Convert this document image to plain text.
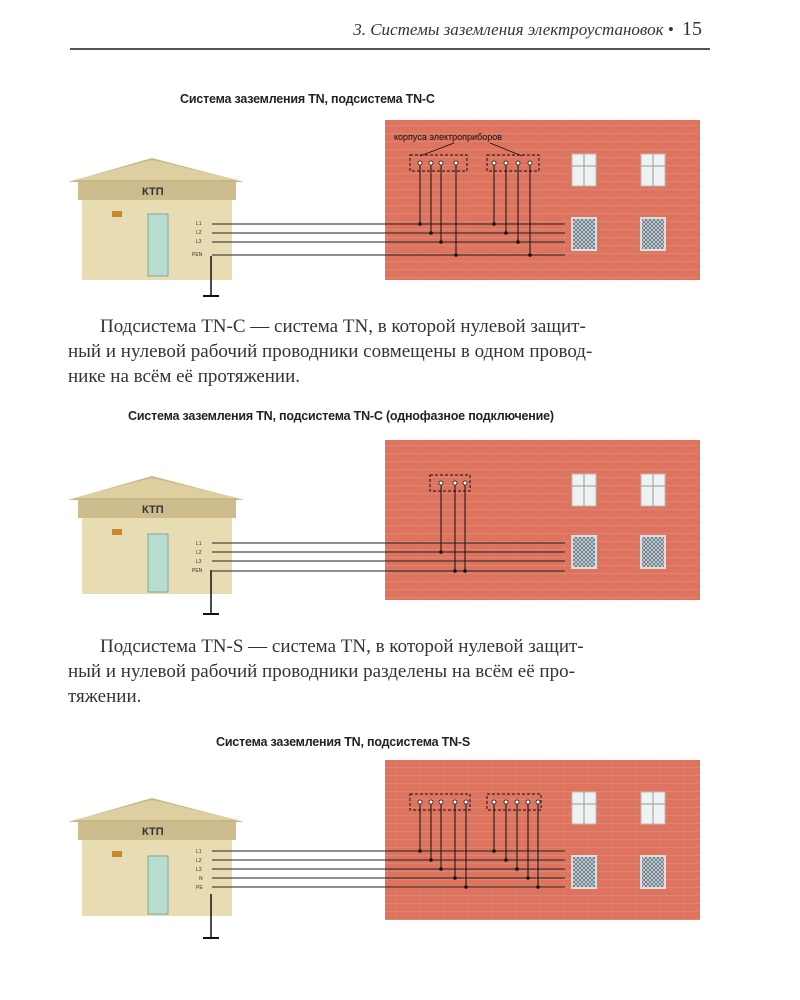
3. Системы заземления электроустановок • 15
Система заземления TN, подсистема TN-C
КТП
L1
L2
L3
PEN
корпуса электроприборов
Подсистема TN-C — система TN, в которой нулевой защит-
ный и нулевой рабочий проводники совмещены в одном провод-
нике на всём её протяжении.
Система заземления TN, подсистема TN-C (однофазное подключение)
КТП
L1
L2
L3
PEN
Подсистема TN-S — система TN, в которой нулевой защит-
ный и нулевой рабочий проводники разделены на всём её про-
тяжении.
Система заземления TN, подсистема TN-S
КТП
L1
L2
L3
N
PE
